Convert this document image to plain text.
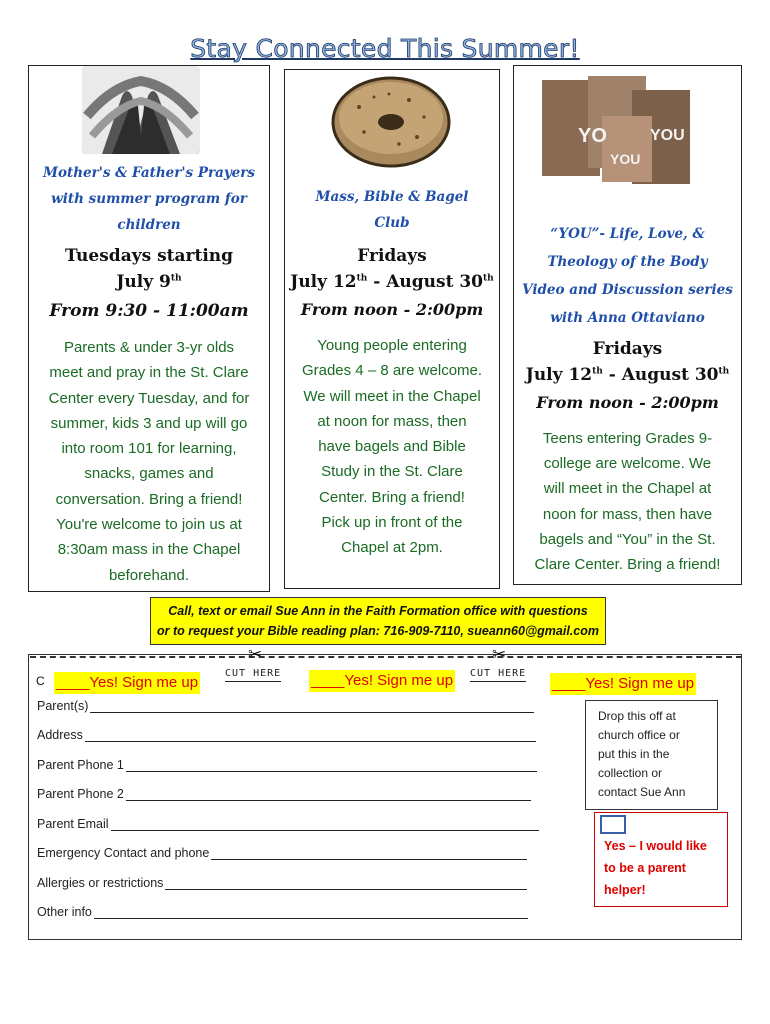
Stay Connected This Summer!
Mother's & Father's Prayers
with summer program for
children
Tuesdays starting
July 9th
From 9:30 - 11:00am
Parents & under 3-yr olds
meet and pray in the St. Clare
Center every Tuesday, and for
summer, kids 3 and up will go
into room 101 for learning,
snacks, games and
conversation. Bring a friend!
You're welcome to join us at
8:30am mass in the Chapel
beforehand.
Mass, Bible & Bagel
Club
Fridays
July 12th - August 30th
From noon - 2:00pm
Young people entering
Grades 4 – 8 are welcome.
We will meet in the Chapel
at noon for mass, then
have bagels and Bible
Study in the St. Clare
Center. Bring a friend!
Pick up in front of the
Chapel at 2pm.
YO	YOU
YOU
“YOU”- Life, Love, &
Theology of the Body
Video and Discussion series
with Anna Ottaviano
Fridays
July 12th - August 30th
From noon - 2:00pm
Teens entering Grades 9-
college are welcome. We
will meet in the Chapel at
noon for mass, then have
bagels and “You” in the St.
Clare Center. Bring a friend!
Call, text or email Sue Ann in the Faith Formation office with questions
or to request your Bible reading plan: 716-909-7110, sueann60@gmail.com
✂
CUT HERE
✂
CUT HERE
C ____Yes! Sign me up	____Yes! Sign me up	____Yes! Sign me up
Parent(s)
Address
Parent Phone 1
Parent Phone 2
Parent Email
Emergency Contact and phone
Allergies or restrictions
Other info
Drop this off at
church office or
put this in the
collection or
contact Sue Ann
Yes – I would like
to be a parent
helper!
